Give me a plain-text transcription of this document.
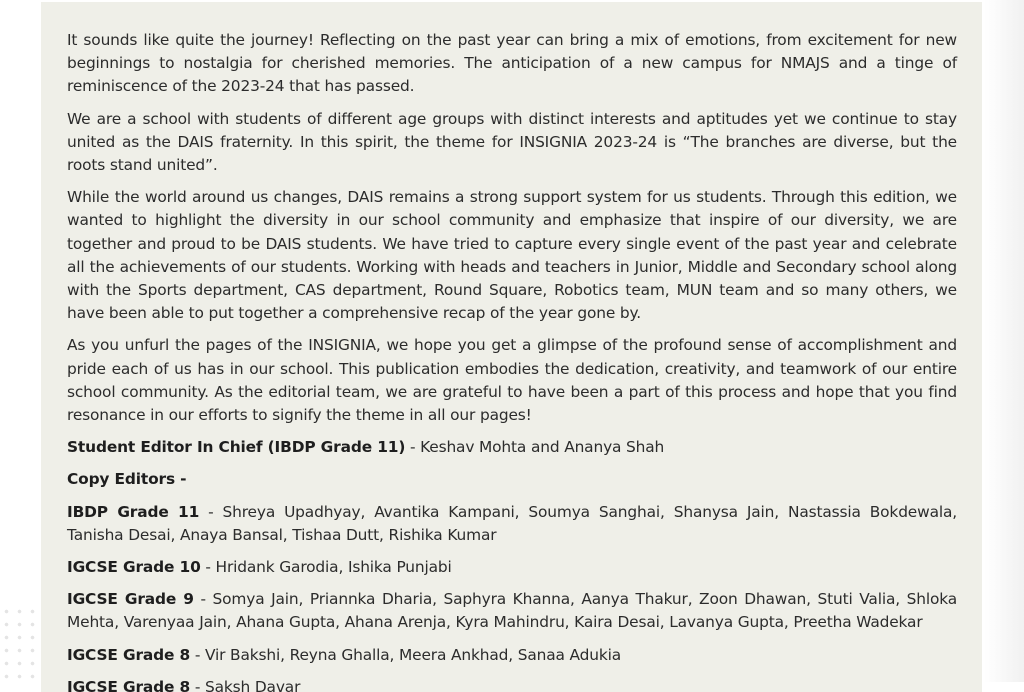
It sounds like quite the journey! Reflecting on the past year can bring a mix of emotions, from excitement for new beginnings to nostalgia for cherished memories. The anticipation of a new campus for NMAJS and a tinge of reminiscence of the 2023-24 that has passed.

We are a school with students of different age groups with distinct interests and aptitudes yet we continue to stay united as the DAIS fraternity. In this spirit, the theme for INSIGNIA 2023-24 is “The branches are diverse, but the roots stand united”.

While the world around us changes, DAIS remains a strong support system for us students. Through this edition, we wanted to highlight the diversity in our school community and emphasize that inspire of our diversity, we are together and proud to be DAIS students. We have tried to capture every single event of the past year and celebrate all the achievements of our students. Working with heads and teachers in Junior, Middle and Secondary school along with the Sports department, CAS department, Round Square, Robotics team, MUN team and so many others, we have been able to put together a comprehensive recap of the year gone by.

As you unfurl the pages of the INSIGNIA, we hope you get a glimpse of the profound sense of accomplishment and pride each of us has in our school. This publication embodies the dedication, creativity, and teamwork of our entire school community. As the editorial team, we are grateful to have been a part of this process and hope that you find resonance in our efforts to signify the theme in all our pages!

Student Editor In Chief (IBDP Grade 11) - Keshav Mohta and Ananya Shah

Copy Editors -

IBDP Grade 11 - Shreya Upadhyay, Avantika Kampani, Soumya Sanghai, Shanysa Jain, Nastassia Bokdewala, Tanisha Desai, Anaya Bansal, Tishaa Dutt, Rishika Kumar

IGCSE Grade 10 - Hridank Garodia, Ishika Punjabi

IGCSE Grade 9 - Somya Jain, Priannka Dharia, Saphyra Khanna, Aanya Thakur, Zoon Dhawan, Stuti Valia, Shloka Mehta, Varenyaa Jain, Ahana Gupta, Ahana Arenja, Kyra Mahindru, Kaira Desai, Lavanya Gupta, Preetha Wadekar

IGCSE Grade 8 - Vir Bakshi, Reyna Ghalla, Meera Ankhad, Sanaa Adukia

IGCSE Grade 8 - Saksh Davar
